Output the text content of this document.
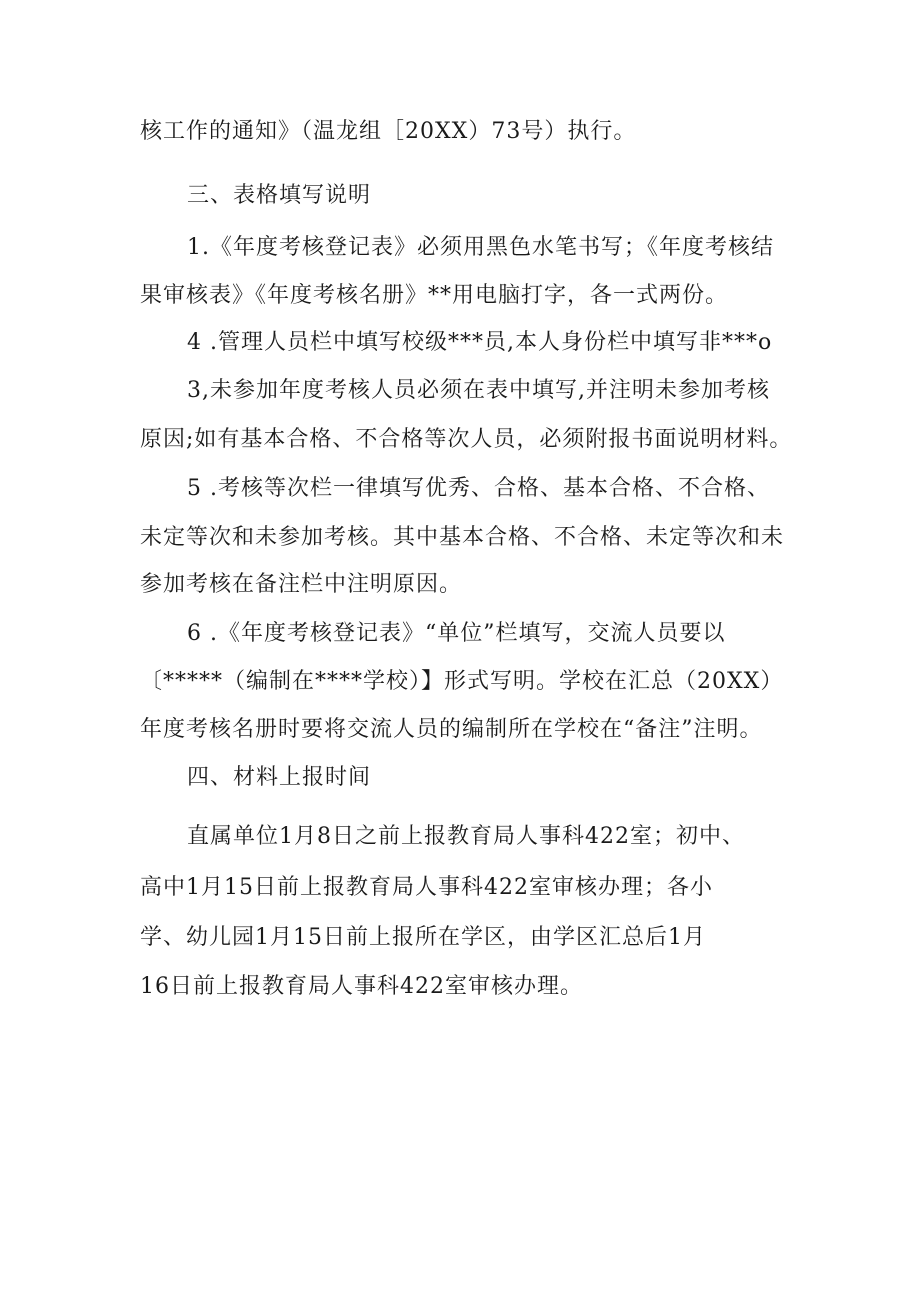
核工作的通知》（温龙组［20XX）73号）执行。
三、表格填写说明
1.《年度考核登记表》必须用黑色水笔书写；《年度考核结
果审核表》《年度考核名册》**用电脑打字，各一式两份。
4 .管理人员栏中填写校级***员,本人身份栏中填写非***o
3,未参加年度考核人员必须在表中填写,并注明未参加考核
原因;如有基本合格、不合格等次人员，必须附报书面说明材料。
5 .考核等次栏一律填写优秀、合格、基本合格、不合格、
未定等次和未参加考核。其中基本合格、不合格、未定等次和未
参加考核在备注栏中注明原因。
6 .《年度考核登记表》“单位”栏填写，交流人员要以
〔*****（编制在****学校）】形式写明。学校在汇总（20XX）
年度考核名册时要将交流人员的编制所在学校在“备注”注明。
四、材料上报时间
直属单位1月8日之前上报教育局人事科422室；初中、
高中1月15日前上报教育局人事科422室审核办理；各小
学、幼儿园1月15日前上报所在学区，由学区汇总后1月
16日前上报教育局人事科422室审核办理。
